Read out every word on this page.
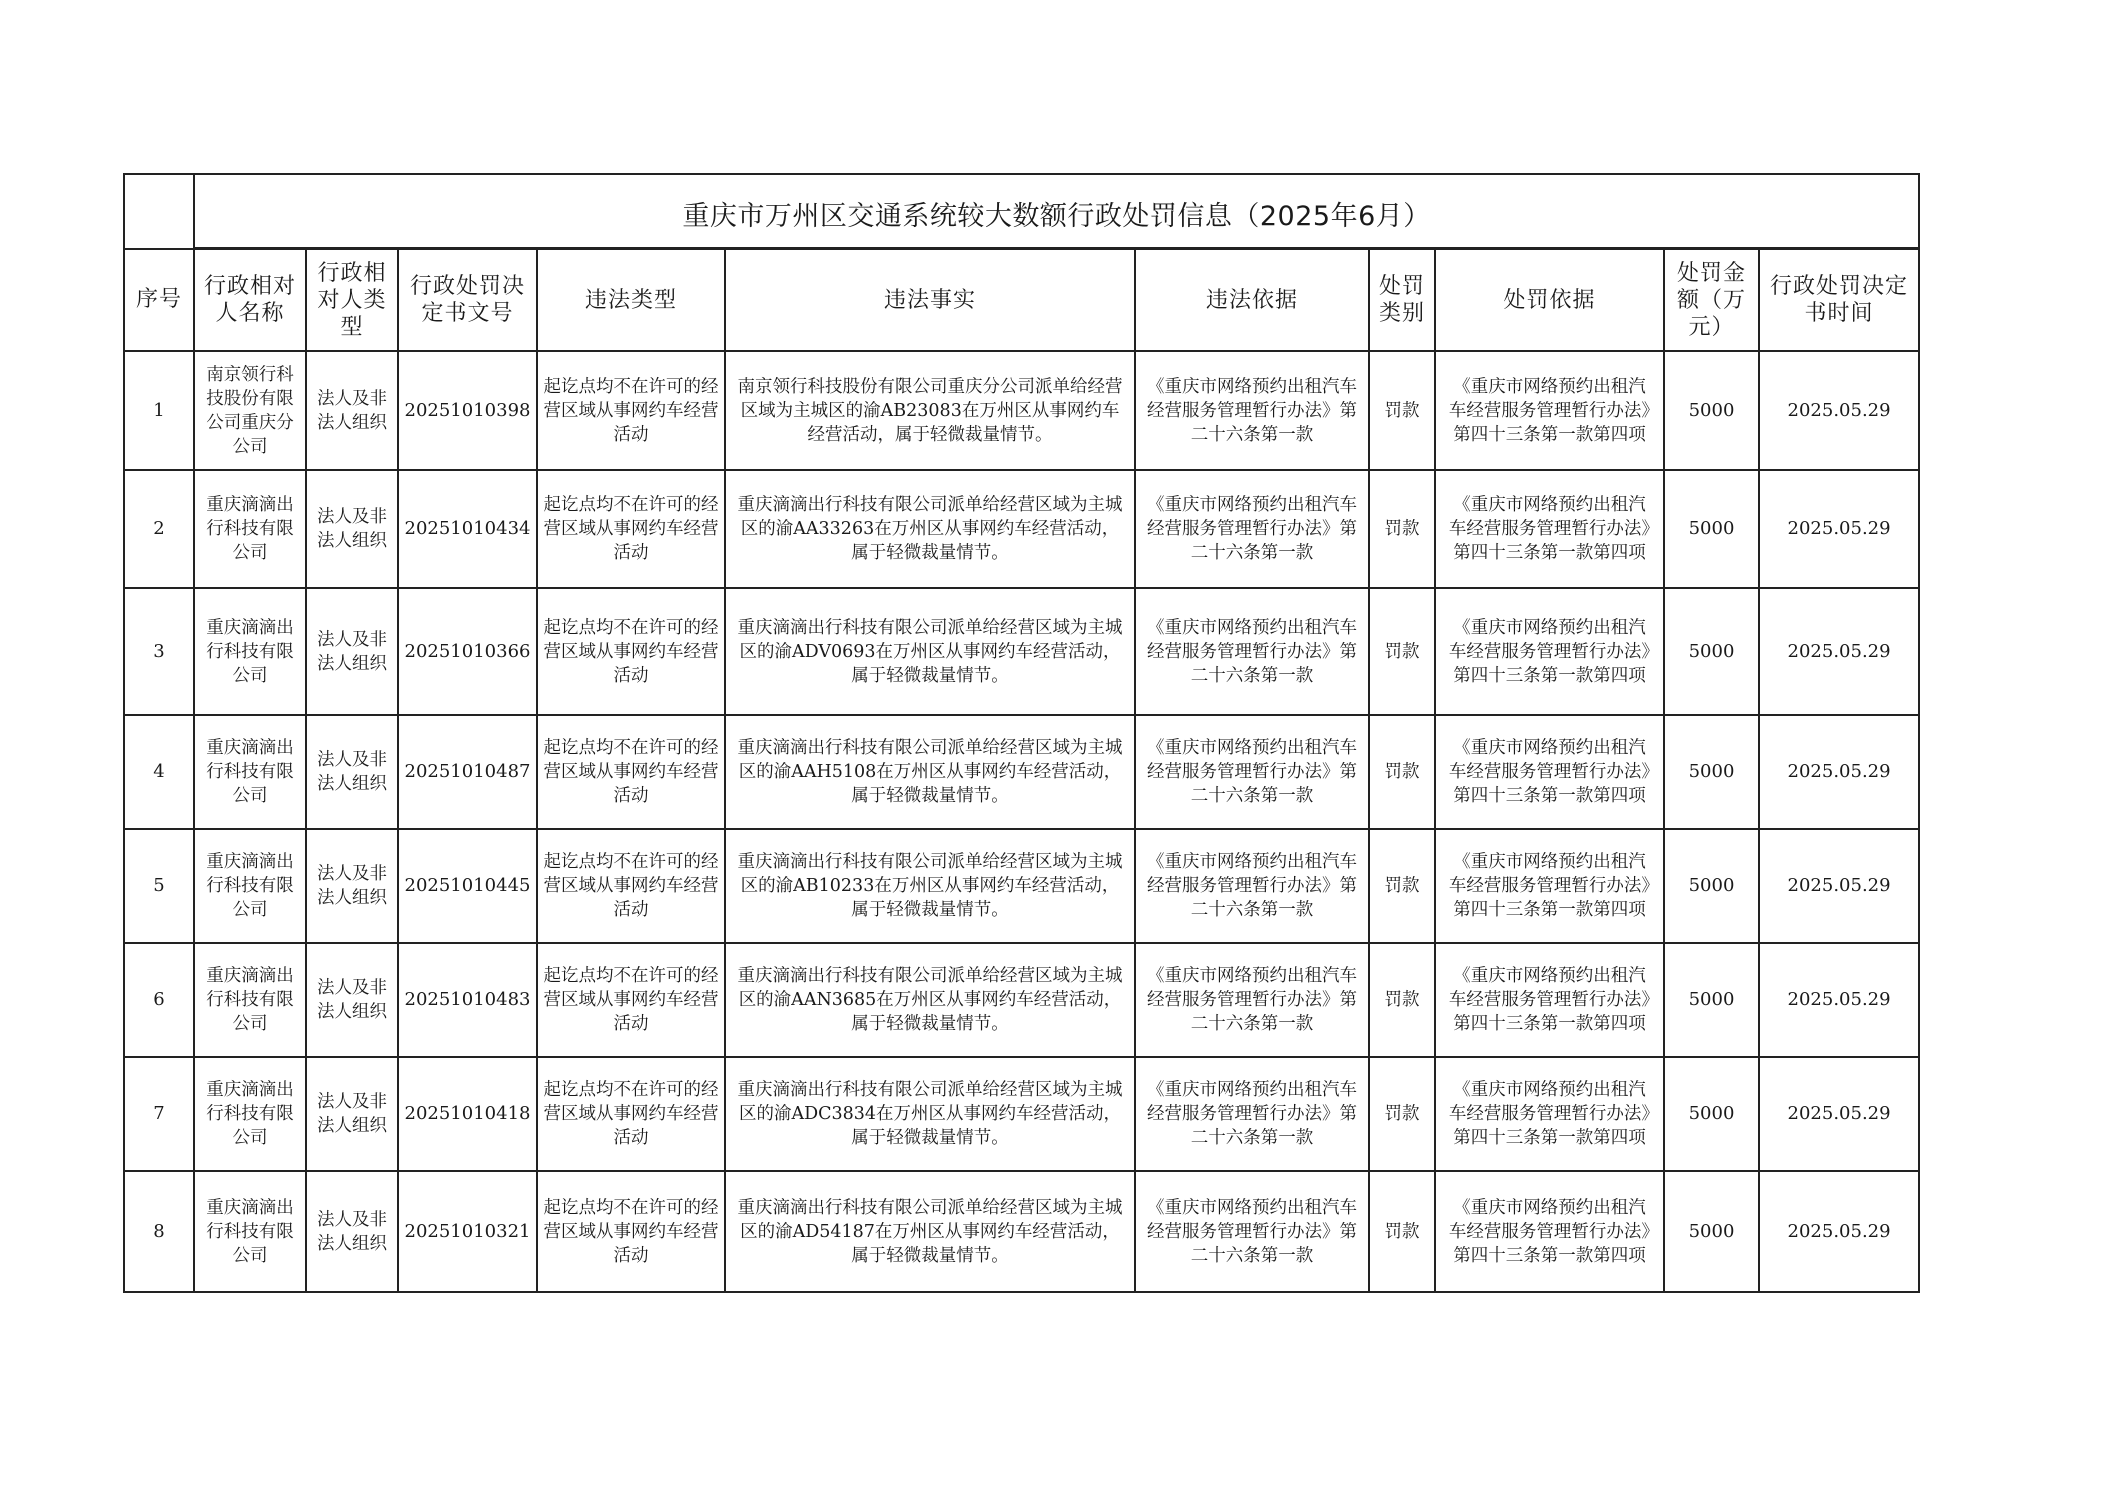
	重庆市万州区交通系统较大数额行政处罚信息（2025年6月）									
序号	行政相对人名称	行政相对人类型	行政处罚决定书文号	违法类型	违法事实	违法依据	处罚类别	处罚依据	处罚金额（万元）	行政处罚决定书时间
1	南京领行科技股份有限公司重庆分公司	法人及非法人组织	20251010398	起讫点均不在许可的经营区域从事网约车经营活动	南京领行科技股份有限公司重庆分公司派单给经营区域为主城区的渝AB23083在万州区从事网约车经营活动，属于轻微裁量情节。	《重庆市网络预约出租汽车经营服务管理暂行办法》第二十六条第一款	罚款	《重庆市网络预约出租汽车经营服务管理暂行办法》第四十三条第一款第四项	5000	2025.05.29
2	重庆滴滴出行科技有限公司	法人及非法人组织	20251010434	起讫点均不在许可的经营区域从事网约车经营活动	重庆滴滴出行科技有限公司派单给经营区域为主城区的渝AA33263在万州区从事网约车经营活动，属于轻微裁量情节。	《重庆市网络预约出租汽车经营服务管理暂行办法》第二十六条第一款	罚款	《重庆市网络预约出租汽车经营服务管理暂行办法》第四十三条第一款第四项	5000	2025.05.29
3	重庆滴滴出行科技有限公司	法人及非法人组织	20251010366	起讫点均不在许可的经营区域从事网约车经营活动	重庆滴滴出行科技有限公司派单给经营区域为主城区的渝ADV0693在万州区从事网约车经营活动，属于轻微裁量情节。	《重庆市网络预约出租汽车经营服务管理暂行办法》第二十六条第一款	罚款	《重庆市网络预约出租汽车经营服务管理暂行办法》第四十三条第一款第四项	5000	2025.05.29
4	重庆滴滴出行科技有限公司	法人及非法人组织	20251010487	起讫点均不在许可的经营区域从事网约车经营活动	重庆滴滴出行科技有限公司派单给经营区域为主城区的渝AAH5108在万州区从事网约车经营活动，属于轻微裁量情节。	《重庆市网络预约出租汽车经营服务管理暂行办法》第二十六条第一款	罚款	《重庆市网络预约出租汽车经营服务管理暂行办法》第四十三条第一款第四项	5000	2025.05.29
5	重庆滴滴出行科技有限公司	法人及非法人组织	20251010445	起讫点均不在许可的经营区域从事网约车经营活动	重庆滴滴出行科技有限公司派单给经营区域为主城区的渝AB10233在万州区从事网约车经营活动，属于轻微裁量情节。	《重庆市网络预约出租汽车经营服务管理暂行办法》第二十六条第一款	罚款	《重庆市网络预约出租汽车经营服务管理暂行办法》第四十三条第一款第四项	5000	2025.05.29
6	重庆滴滴出行科技有限公司	法人及非法人组织	20251010483	起讫点均不在许可的经营区域从事网约车经营活动	重庆滴滴出行科技有限公司派单给经营区域为主城区的渝AAN3685在万州区从事网约车经营活动，属于轻微裁量情节。	《重庆市网络预约出租汽车经营服务管理暂行办法》第二十六条第一款	罚款	《重庆市网络预约出租汽车经营服务管理暂行办法》第四十三条第一款第四项	5000	2025.05.29
7	重庆滴滴出行科技有限公司	法人及非法人组织	20251010418	起讫点均不在许可的经营区域从事网约车经营活动	重庆滴滴出行科技有限公司派单给经营区域为主城区的渝ADC3834在万州区从事网约车经营活动，属于轻微裁量情节。	《重庆市网络预约出租汽车经营服务管理暂行办法》第二十六条第一款	罚款	《重庆市网络预约出租汽车经营服务管理暂行办法》第四十三条第一款第四项	5000	2025.05.29
8	重庆滴滴出行科技有限公司	法人及非法人组织	20251010321	起讫点均不在许可的经营区域从事网约车经营活动	重庆滴滴出行科技有限公司派单给经营区域为主城区的渝AD54187在万州区从事网约车经营活动，属于轻微裁量情节。	《重庆市网络预约出租汽车经营服务管理暂行办法》第二十六条第一款	罚款	《重庆市网络预约出租汽车经营服务管理暂行办法》第四十三条第一款第四项	5000	2025.05.29
